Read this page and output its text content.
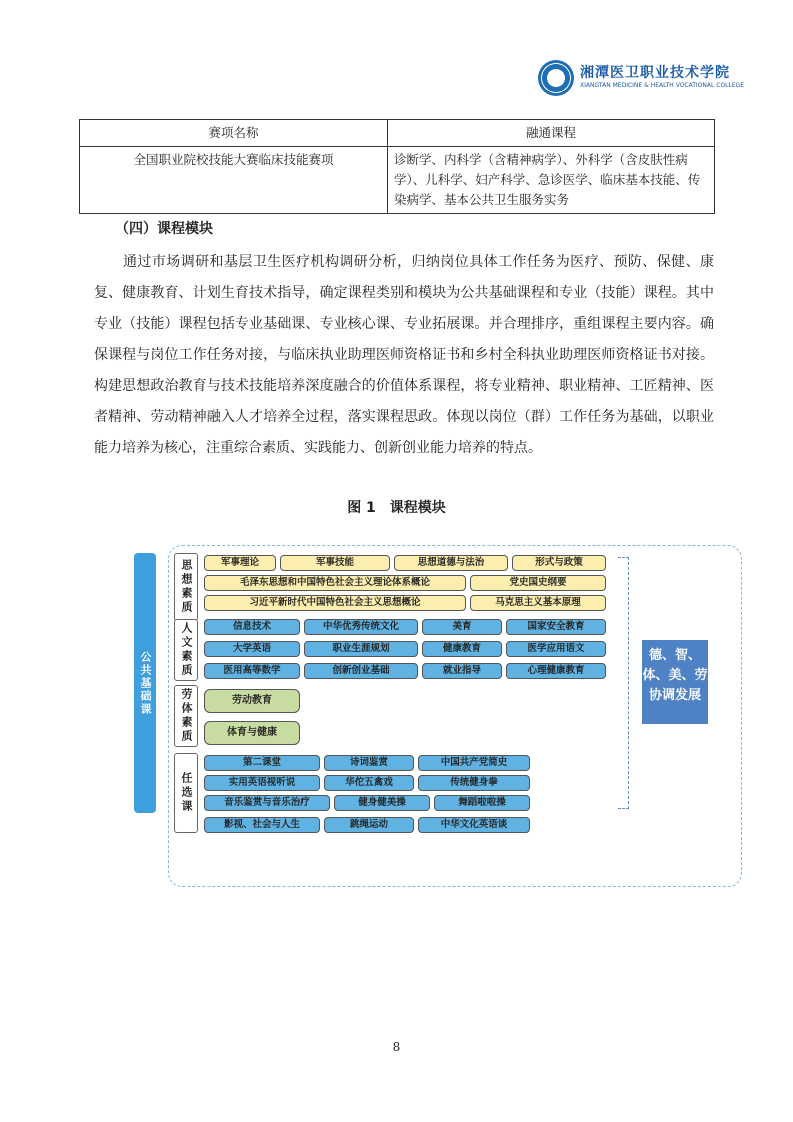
湘潭医卫职业技术学院
XIANGTAN MEDICINE & HEALTH VOCATIONAL COLLEGE
赛项名称	融通课程
全国职业院校技能大赛临床技能赛项	诊断学、内科学（含精神病学）、外科学（含皮肤性病学）、儿科学、妇产科学、急诊医学、临床基本技能、传染病学、基本公共卫生服务实务
（四）课程模块
通过市场调研和基层卫生医疗机构调研分析，归纳岗位具体工作任务为医疗、预防、保健、康复、健康教育、计划生育技术指导，确定课程类别和模块为公共基础课程和专业（技能）课程。其中专业（技能）课程包括专业基础课、专业核心课、专业拓展课。并合理排序，重组课程主要内容。确保课程与岗位工作任务对接，与临床执业助理医师资格证书和乡村全科执业助理医师资格证书对接。构建思想政治教育与技术技能培养深度融合的价值体系课程，将专业精神、职业精神、工匠精神、医者精神、劳动精神融入人才培养全过程，落实课程思政。体现以岗位（群）工作任务为基础，以职业能力培养为核心，注重综合素质、实践能力、创新创业能力培养的特点。
图 1　课程模块
公共基础课
思想素质
人文素质
劳体素质
任选课
军事理论	军事技能	思想道德与法治	形式与政策
毛泽东思想和中国特色社会主义理论体系概论	党史国史纲要
习近平新时代中国特色社会主义思想概论	马克思主义基本原理
信息技术	中华优秀传统文化	美育	国家安全教育
大学英语	职业生涯规划	健康教育	医学应用语文
医用高等数学	创新创业基础	就业指导	心理健康教育
劳动教育
体育与健康
第二课堂	诗词鉴赏	中国共产党简史
实用英语视听说	华佗五禽戏	传统健身拳
音乐鉴赏与音乐治疗	健身健美操	舞蹈啦啦操
影视、社会与人生	跳绳运动	中华文化英语谈
德、智、体、美、劳协调发展
8
